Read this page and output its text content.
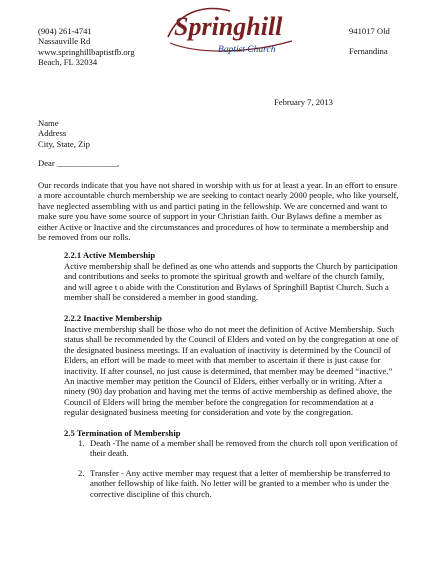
(904) 261-4741
Nassauville Rd
www.springhillbaptistfb.org
Beach, FL 32034
Springhill
Baptist Church
941017 Old
Fernandina
February 7, 2013
Name
Address
City, State, Zip
Dear ______________,
Our records indicate that you have not shared in worship with us for at least a year. In an effort to ensure
a more accountable church membership we are seeking to contact nearly 2000 people, who like yourself,
have neglected assembling with us and partici pating in the fellowship. We are concerned and want to
make sure you have some source of support in your Christian faith. Our Bylaws define a member as
either Active or Inactive and the circumstances and procedures of how to terminate a membership and
be removed from our rolls.
2.2.1 Active Membership
Active membership shall be defined as one who attends and supports the Church by participation
and contributions and seeks to promote the spiritual growth and welfare of the church family,
and will agree t o abide with the Constitution and Bylaws of Springhill Baptist Church. Such a
member shall be considered a member in good standing.
2.2.2 Inactive Membership
Inactive membership shall be those who do not meet the definition of Active Membership. Such
status shall be recommended by the Council of Elders and voted on by the congregation at one of
the designated business meetings. If an evaluation of inactivity is determined by the Council of
Elders, an effort will be made to meet with that member to ascertain if there is just cause for
inactivity. If after counsel, no just cause is determined, that member may be deemed “inactive.”
An inactive member may petition the Council of Elders, either verbally or in writing. After a
ninety (90) day probation and having met the terms of active membership as defined above, the
Council of Elders will bring the member before the congregation for recommendation at a
regular designated business meeting for consideration and vote by the congregation.
2.5 Termination of Membership
1. Death -The name of a member shall be removed from the church roll upon verification of
their death.
2. Transfer - Any active member may request that a letter of membership be transferred to
another fellowship of like faith. No letter will be granted to a member who is under the
corrective discipline of this church.
